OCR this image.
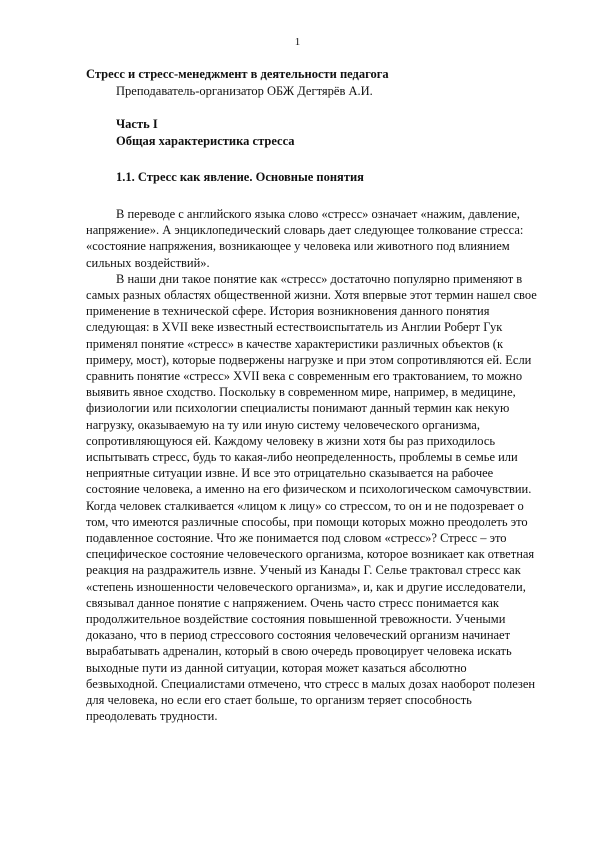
1
Стресс и стресс-менеджмент в деятельности педагога
Преподаватель-организатор ОБЖ Дегтярёв А.И.
Часть I
Общая характеристика стресса
1.1. Стресс как явление. Основные понятия

В переводе с английского языка слово «стресс» означает «нажим, давление, напряжение». А энциклопедический словарь дает следующее толкование стресса: «состояние напряжения, возникающее у человека или животного под влиянием сильных воздействий».

В наши дни такое понятие как «стресс» достаточно популярно применяют в самых разных областях общественной жизни. Хотя впервые этот термин нашел свое применение в технической сфере. История возникновения данного понятия следующая: в XVII веке известный естествоиспытатель из Англии Роберт Гук применял понятие «стресс» в качестве характеристики различных объектов (к примеру, мост), которые подвержены нагрузке и при этом сопротивляются ей. Если сравнить понятие «стресс» XVII века с современным его трактованием, то можно выявить явное сходство. Поскольку в современном мире, например, в медицине, физиологии или психологии специалисты понимают данный термин как некую нагрузку, оказываемую на ту или иную систему человеческого организма, сопротивляющуюся ей. Каждому человеку в жизни хотя бы раз приходилось испытывать стресс, будь то какая-либо неопределенность, проблемы в семье или неприятные ситуации извне. И все это отрицательно сказывается на рабочее состояние человека, а именно на его физическом и психологическом самочувствии. Когда человек сталкивается «лицом к лицу» со стрессом, то он и не подозревает о том, что имеются различные способы, при помощи которых можно преодолеть это подавленное состояние. Что же понимается под словом «стресс»? Стресс – это специфическое состояние человеческого организма, которое возникает как ответная реакция на раздражитель извне. Ученый из Канады Г. Селье трактовал стресс как «степень изношенности человеческого организма», и, как и другие исследователи, связывал данное понятие с напряжением. Очень часто стресс понимается как продолжительное воздействие состояния повышенной тревожности. Учеными доказано, что в период стрессового состояния человеческий организм начинает вырабатывать адреналин, который в свою очередь провоцирует человека искать выходные пути из данной ситуации, которая может казаться абсолютно безвыходной. Специалистами отмечено, что стресс в малых дозах наоборот полезен для человека, но если его стает больше, то организм теряет способность преодолевать трудности.
